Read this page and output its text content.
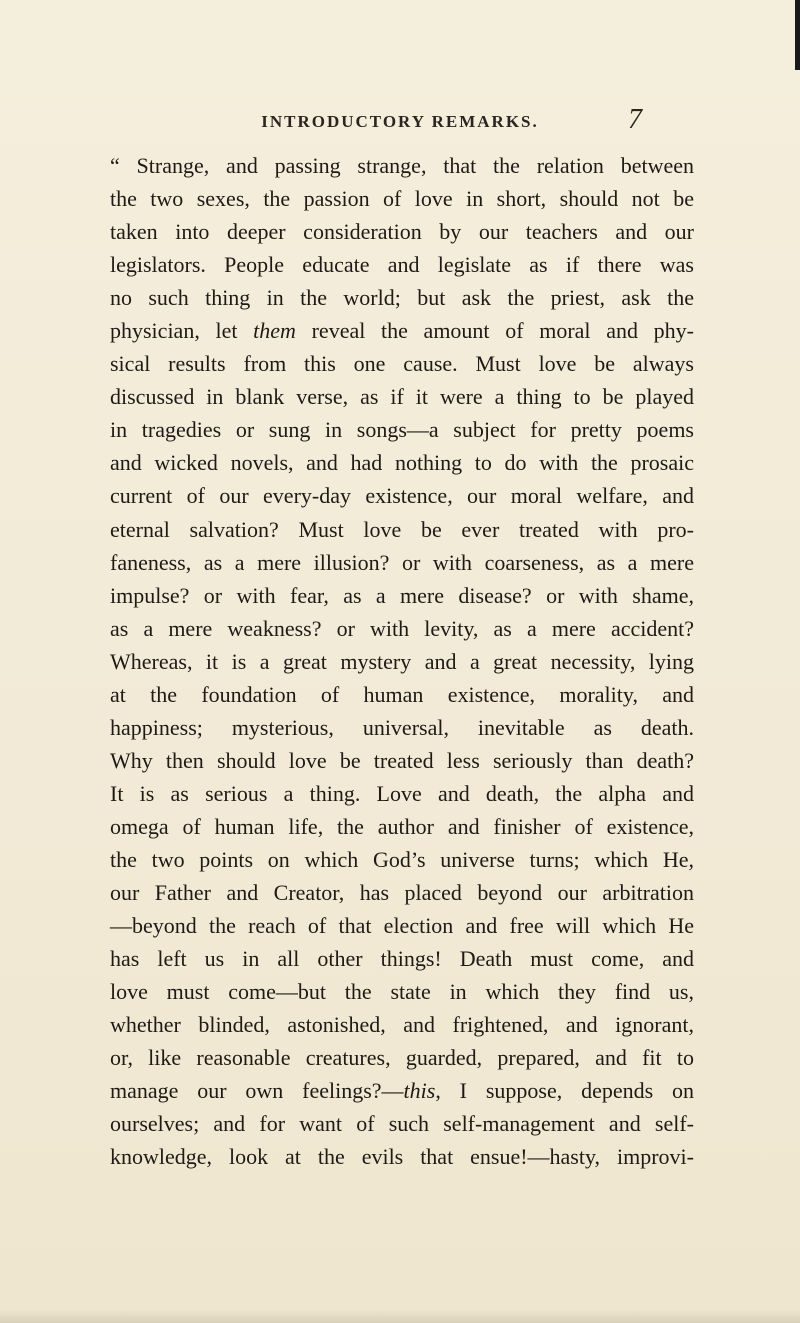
INTRODUCTORY REMARKS.	7
“ Strange, and passing strange, that the relation between
the two sexes, the passion of love in short, should not be
taken into deeper consideration by our teachers and our
legislators. People educate and legislate as if there was
no such thing in the world; but ask the priest, ask the
physician, let them reveal the amount of moral and phy-
sical results from this one cause. Must love be always
discussed in blank verse, as if it were a thing to be played
in tragedies or sung in songs—a subject for pretty poems
and wicked novels, and had nothing to do with the prosaic
current of our every-day existence, our moral welfare, and
eternal salvation? Must love be ever treated with pro-
faneness, as a mere illusion? or with coarseness, as a mere
impulse? or with fear, as a mere disease? or with shame,
as a mere weakness? or with levity, as a mere accident?
Whereas, it is a great mystery and a great necessity, lying
at the foundation of human existence, morality, and
happiness; mysterious, universal, inevitable as death.
Why then should love be treated less seriously than death?
It is as serious a thing. Love and death, the alpha and
omega of human life, the author and finisher of existence,
the two points on which God’s universe turns; which He,
our Father and Creator, has placed beyond our arbitration
—beyond the reach of that election and free will which He
has left us in all other things! Death must come, and
love must come—but the state in which they find us,
whether blinded, astonished, and frightened, and ignorant,
or, like reasonable creatures, guarded, prepared, and fit to
manage our own feelings?—this, I suppose, depends on
ourselves; and for want of such self-management and self-
knowledge, look at the evils that ensue!—hasty, improvi-
